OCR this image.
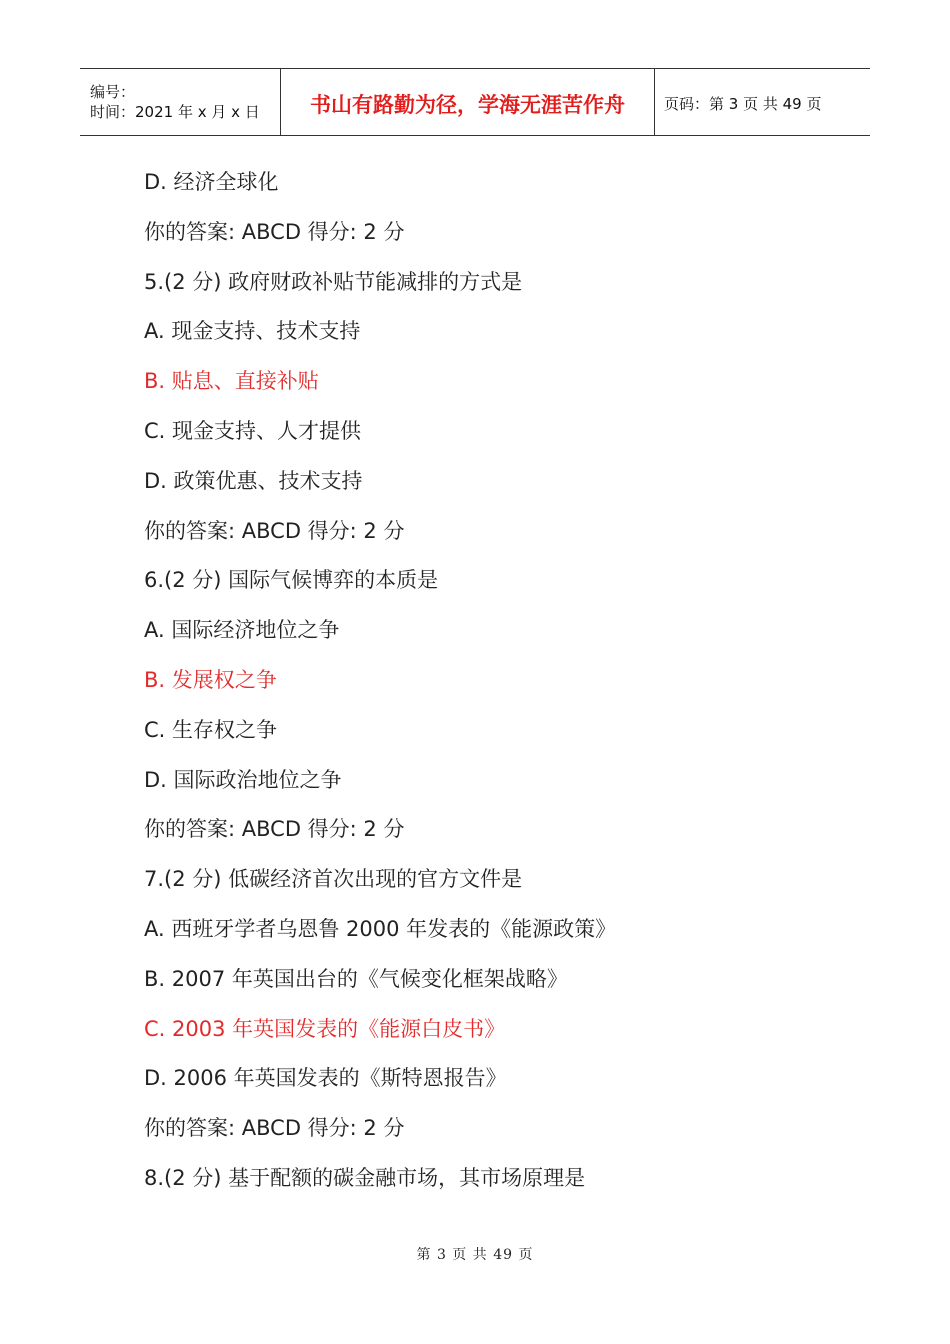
编号：
时间：2021 年 x 月 x 日	书山有路勤为径，学海无涯苦作舟	页码：第 3 页 共 49 页
D. 经济全球化
你的答案: ABCD 得分: 2 分
5.(2 分) 政府财政补贴节能减排的方式是
A. 现金支持、技术支持
B. 贴息、直接补贴
C. 现金支持、人才提供
D. 政策优惠、技术支持
你的答案: ABCD 得分: 2 分
6.(2 分) 国际气候博弈的本质是
A. 国际经济地位之争
B. 发展权之争
C. 生存权之争
D. 国际政治地位之争
你的答案: ABCD 得分: 2 分
7.(2 分) 低碳经济首次出现的官方文件是
A. 西班牙学者乌恩鲁 2000 年发表的《能源政策》
B. 2007 年英国出台的《气候变化框架战略》
C. 2003 年英国发表的《能源白皮书》
D. 2006 年英国发表的《斯特恩报告》
你的答案: ABCD 得分: 2 分
8.(2 分) 基于配额的碳金融市场，其市场原理是
第 3 页 共 49 页
